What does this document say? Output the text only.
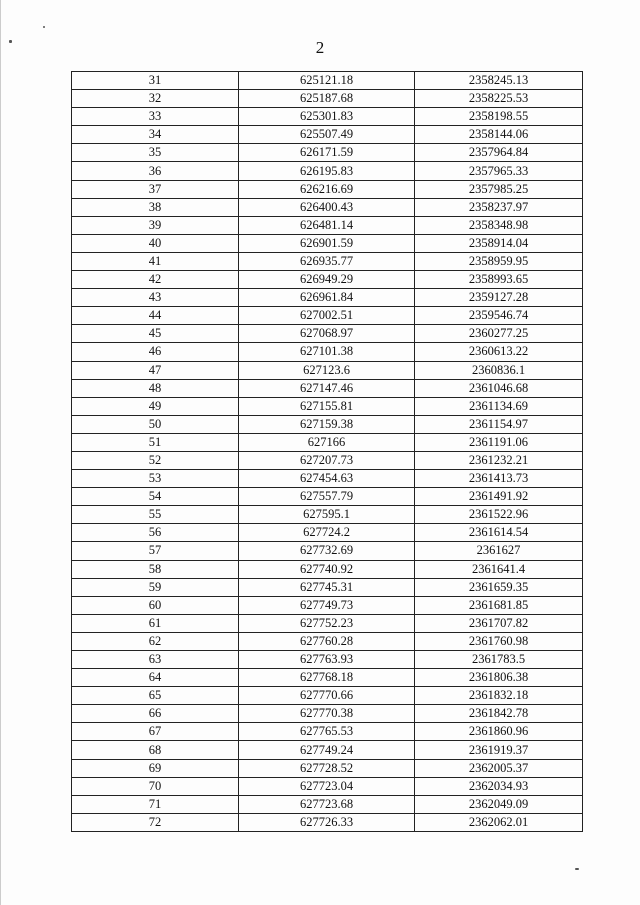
2
31	625121.18	2358245.13
32	625187.68	2358225.53
33	625301.83	2358198.55
34	625507.49	2358144.06
35	626171.59	2357964.84
36	626195.83	2357965.33
37	626216.69	2357985.25
38	626400.43	2358237.97
39	626481.14	2358348.98
40	626901.59	2358914.04
41	626935.77	2358959.95
42	626949.29	2358993.65
43	626961.84	2359127.28
44	627002.51	2359546.74
45	627068.97	2360277.25
46	627101.38	2360613.22
47	627123.6	2360836.1
48	627147.46	2361046.68
49	627155.81	2361134.69
50	627159.38	2361154.97
51	627166	2361191.06
52	627207.73	2361232.21
53	627454.63	2361413.73
54	627557.79	2361491.92
55	627595.1	2361522.96
56	627724.2	2361614.54
57	627732.69	2361627
58	627740.92	2361641.4
59	627745.31	2361659.35
60	627749.73	2361681.85
61	627752.23	2361707.82
62	627760.28	2361760.98
63	627763.93	2361783.5
64	627768.18	2361806.38
65	627770.66	2361832.18
66	627770.38	2361842.78
67	627765.53	2361860.96
68	627749.24	2361919.37
69	627728.52	2362005.37
70	627723.04	2362034.93
71	627723.68	2362049.09
72	627726.33	2362062.01
